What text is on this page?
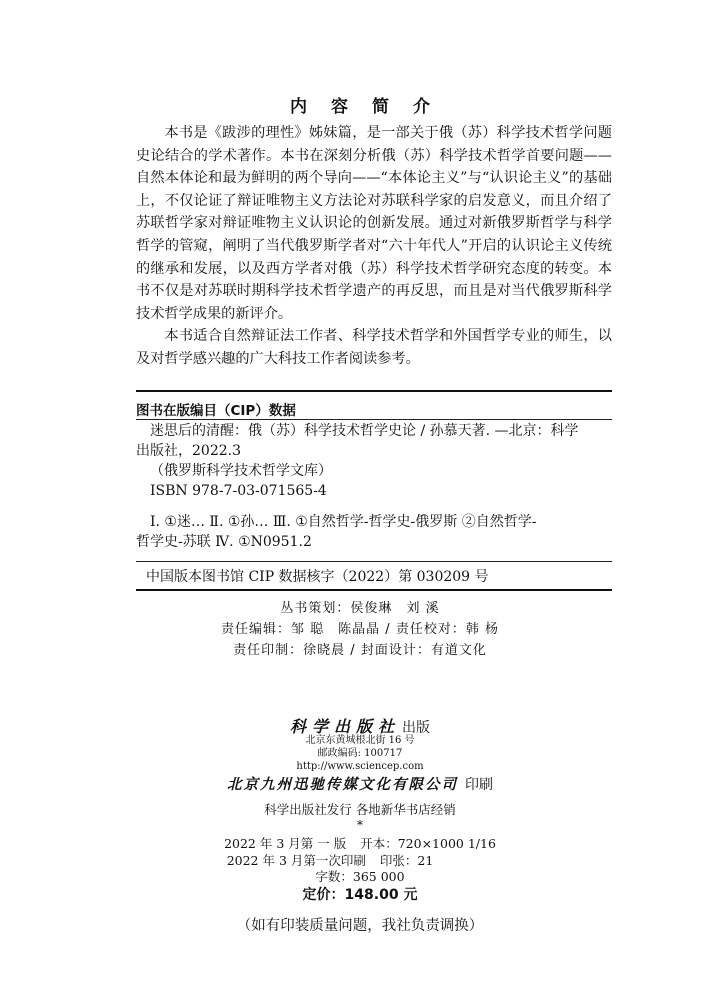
内容简介

本书是《跋涉的理性》姊妹篇，是一部关于俄（苏）科学技术哲学问题史论结合的学术著作。本书在深刻分析俄（苏）科学技术哲学首要问题——自然本体论和最为鲜明的两个导向——“本体论主义”与“认识论主义”的基础上，不仅论证了辩证唯物主义方法论对苏联科学家的启发意义，而且介绍了苏联哲学家对辩证唯物主义认识论的创新发展。通过对新俄罗斯哲学与科学哲学的管窥，阐明了当代俄罗斯学者对“六十年代人”开启的认识论主义传统的继承和发展，以及西方学者对俄（苏）科学技术哲学研究态度的转变。本书不仅是对苏联时期科学技术哲学遗产的再反思，而且是对当代俄罗斯科学技术哲学成果的新评介。

本书适合自然辩证法工作者、科学技术哲学和外国哲学专业的师生，以及对哲学感兴趣的广大科技工作者阅读参考。

图书在版编目（CIP）数据
迷思后的清醒：俄（苏）科学技术哲学史论 / 孙慕天著. —北京：科学
出版社，2022.3
（俄罗斯科学技术哲学文库）
ISBN 978-7-03-071565-4
Ⅰ. ①迷… Ⅱ. ①孙… Ⅲ. ①自然哲学-哲学史-俄罗斯 ②自然哲学-
哲学史-苏联 Ⅳ. ①N0951.2
中国版本图书馆 CIP 数据核字（2022）第 030209 号
丛书策划：侯俊琳 刘 溪
责任编辑：邹 聪 陈晶晶 / 责任校对：韩 杨
责任印制：徐晓晨 / 封面设计：有道文化
科学出版社 出版
北京东黄城根北街 16 号
邮政编码: 100717
http://www.sciencep.com
北京九州迅驰传媒文化有限公司 印刷
科学出版社发行 各地新华书店经销
*
2022 年 3 月第 一 版 开本：720×1000 1/16
2022 年 3 月第一次印刷 印张：21
字数：365 000
定价：148.00 元
（如有印装质量问题，我社负责调换）
